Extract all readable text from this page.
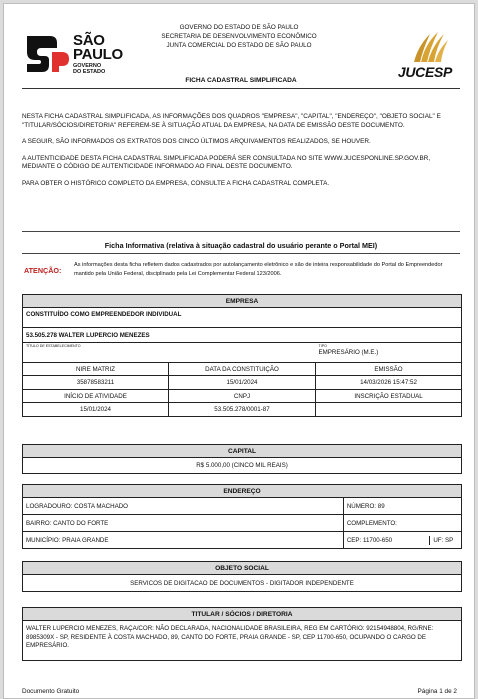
SÃO
PAULO
GOVERNO
DO ESTADO
GOVERNO DO ESTADO DE SÃO PAULO
SECRETARIA DE DESENVOLVIMENTO ECONÔMICO
JUNTA COMERCIAL DO ESTADO DE SÃO PAULO
JUCESP
FICHA CADASTRAL SIMPLIFICADA

NESTA FICHA CADASTRAL SIMPLIFICADA, AS INFORMAÇÕES DOS QUADROS "EMPRESA", "CAPITAL", "ENDEREÇO", "OBJETO SOCIAL" E "TITULAR/SÓCIOS/DIRETORIA" REFEREM-SE À SITUAÇÃO ATUAL DA EMPRESA, NA DATA DE EMISSÃO DESTE DOCUMENTO.

A SEGUIR, SÃO INFORMADOS OS EXTRATOS DOS CINCO ÚLTIMOS ARQUIVAMENTOS REALIZADOS, SE HOUVER.

A AUTENTICIDADE DESTA FICHA CADASTRAL SIMPLIFICADA PODERÁ SER CONSULTADA NO SITE WWW.JUCESPONLINE.SP.GOV.BR, MEDIANTE O CÓDIGO DE AUTENTICIDADE INFORMADO AO FINAL DESTE DOCUMENTO.

PARA OBTER O HISTÓRICO COMPLETO DA EMPRESA, CONSULTE A FICHA CADASTRAL COMPLETA.

Ficha Informativa (relativa à situação cadastral do usuário perante o Portal MEI)
ATENÇÃO:
As informações desta ficha refletem dados cadastrados por autolançamento eletrônico e são de inteira responsabilidade do Portal do Empreendedor mantido pela União Federal, disciplinado pela Lei Complementar Federal 123/2006.
EMPRESA		
CONSTITUÍDO COMO EMPREENDEDOR INDIVIDUAL		
53.505.278 WALTER LUPERCIO MENEZES		

TÍTULO DE ESTABELECIMENTO		TIPO
EMPRESÁRIO (M.E.)

NIRE MATRIZ	DATA DA CONSTITUIÇÃO	EMISSÃO
35878583211	15/01/2024	14/03/2026 15:47:52
INÍCIO DE ATIVIDADE	CNPJ	INSCRIÇÃO ESTADUAL
15/01/2024	53.505.278/0001-87	
CAPITAL
R$ 5.000,00 (CINCO MIL REAIS)
ENDEREÇO
LOGRADOURO: COSTA MACHADO	NÚMERO: 89
BAIRRO: CANTO DO FORTE	COMPLEMENTO:
MUNICÍPIO: PRAIA GRANDE		CEP: 11700-650	UF: SP
OBJETO SOCIAL
SERVICOS DE DIGITACAO DE DOCUMENTOS - DIGITADOR INDEPENDENTE
TITULAR / SÓCIOS / DIRETORIA
WALTER LUPERCIO MENEZES, RAÇA/COR: NÃO DECLARADA, NACIONALIDADE BRASILEIRA, REG EM CARTÓRIO: 92154948804, RG/RNE: 8985309X - SP, RESIDENTE À COSTA MACHADO, 89, CANTO DO FORTE, PRAIA GRANDE - SP, CEP 11700-650, OCUPANDO O CARGO DE EMPRESÁRIO.
Documento Gratuito	Página 1 de 2
